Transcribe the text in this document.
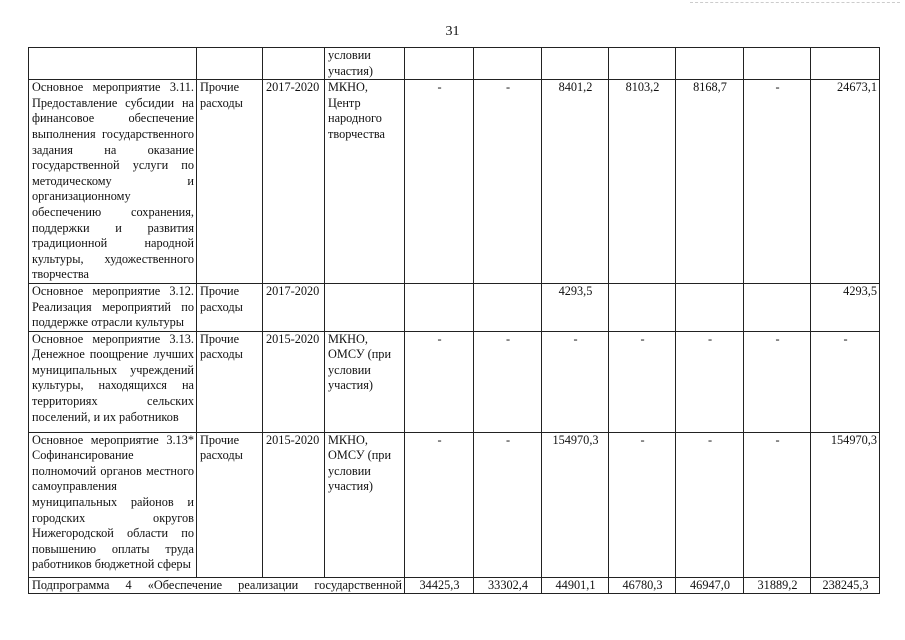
31
			условии участия)							
Основное мероприятие 3.11. Предоставление субсидии на финансовое обеспечение выполнения государственного задания на оказание государственной услуги по методическому и организационному обеспечению сохранения, поддержки и развития традиционной народной культуры, художественного творчества	Прочие расходы	2017-2020	МКНО, Центр народного творчества	-	-	8401,2	8103,2	8168,7	-	24673,1
Основное мероприятие 3.12. Реализация мероприятий по поддержке отрасли культуры	Прочие расходы	2017-2020				4293,5				4293,5
Основное мероприятие 3.13. Денежное поощрение лучших муниципальных учреждений культуры, находящихся на территориях сельских поселений, и их работников	Прочие расходы	2015-2020	МКНО, ОМСУ (при условии участия)	-	-	-	-	-	-	-
Основное мероприятие 3.13* Софинансирование полномочий органов местного самоуправления муниципальных районов и городских округов Нижегородской области по повышению оплаты труда работников бюджетной сферы	Прочие расходы	2015-2020	МКНО, ОМСУ (при условии участия)	-	-	154970,3	-	-	-	154970,3
Подпрограмма 4 «Обеспечение реализации государственной				34425,3	33302,4	44901,1	46780,3	46947,0	31889,2	238245,3
